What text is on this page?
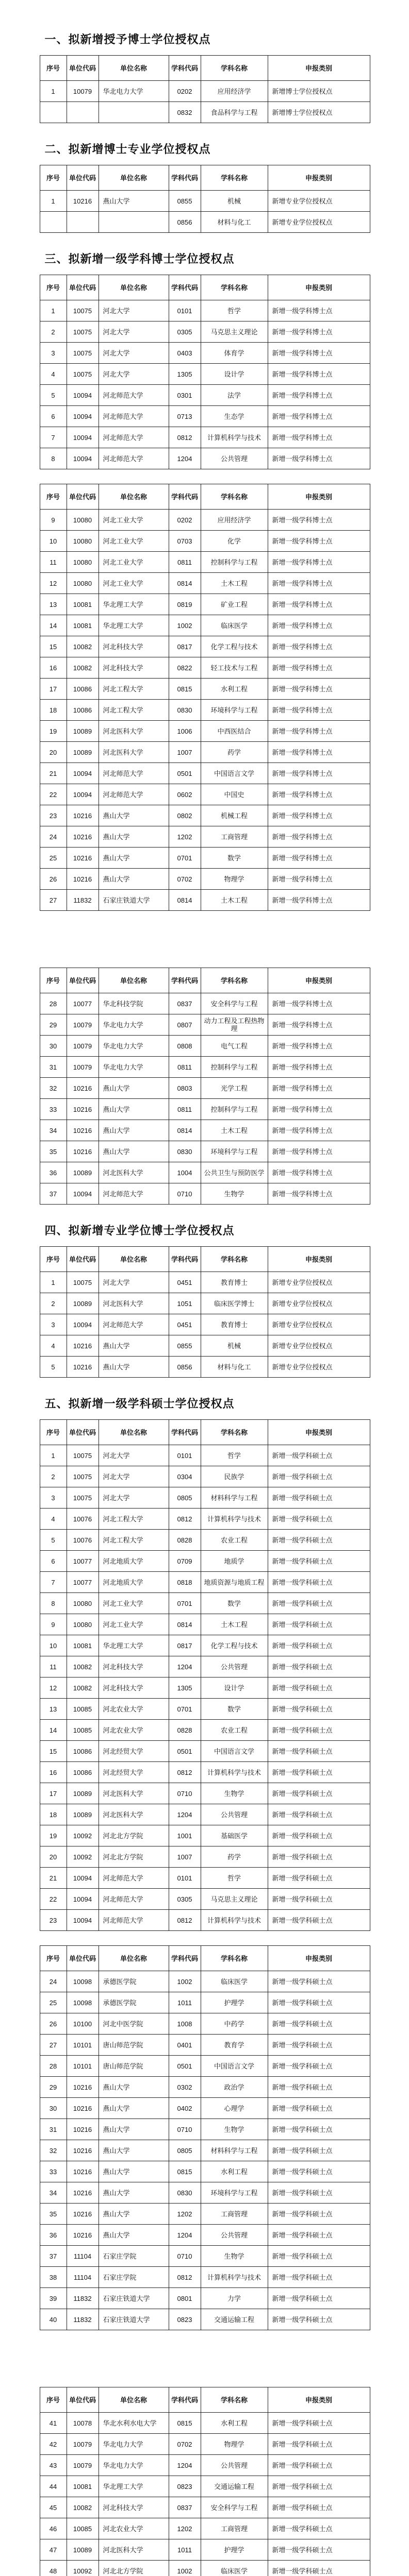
一、拟新增授予博士学位授权点
序号	单位代码	单位名称	学科代码	学科名称	申报类别
1	10079	华北电力大学	0202	应用经济学	新增博士学位授权点
			0832	食品科学与工程	新增博士学位授权点
二、拟新增博士专业学位授权点
序号	单位代码	单位名称	学科代码	学科名称	申报类别
1	10216	燕山大学	0855	机械	新增专业学位授权点
			0856	材料与化工	新增专业学位授权点
三、拟新增一级学科博士学位授权点
序号	单位代码	单位名称	学科代码	学科名称	申报类别
1	10075	河北大学	0101	哲学	新增一级学科博士点
2	10075	河北大学	0305	马克思主义理论	新增一级学科博士点
3	10075	河北大学	0403	体育学	新增一级学科博士点
4	10075	河北大学	1305	设计学	新增一级学科博士点
5	10094	河北师范大学	0301	法学	新增一级学科博士点
6	10094	河北师范大学	0713	生态学	新增一级学科博士点
7	10094	河北师范大学	0812	计算机科学与技术	新增一级学科博士点
8	10094	河北师范大学	1204	公共管理	新增一级学科博士点
序号	单位代码	单位名称	学科代码	学科名称	申报类别
9	10080	河北工业大学	0202	应用经济学	新增一级学科博士点
10	10080	河北工业大学	0703	化学	新增一级学科博士点
11	10080	河北工业大学	0811	控制科学与工程	新增一级学科博士点
12	10080	河北工业大学	0814	土木工程	新增一级学科博士点
13	10081	华北理工大学	0819	矿业工程	新增一级学科博士点
14	10081	华北理工大学	1002	临床医学	新增一级学科博士点
15	10082	河北科技大学	0817	化学工程与技术	新增一级学科博士点
16	10082	河北科技大学	0822	轻工技术与工程	新增一级学科博士点
17	10086	河北工程大学	0815	水利工程	新增一级学科博士点
18	10086	河北工程大学	0830	环境科学与工程	新增一级学科博士点
19	10089	河北医科大学	1006	中西医结合	新增一级学科博士点
20	10089	河北医科大学	1007	药学	新增一级学科博士点
21	10094	河北师范大学	0501	中国语言文学	新增一级学科博士点
22	10094	河北师范大学	0602	中国史	新增一级学科博士点
23	10216	燕山大学	0802	机械工程	新增一级学科博士点
24	10216	燕山大学	1202	工商管理	新增一级学科博士点
25	10216	燕山大学	0701	数学	新增一级学科博士点
26	10216	燕山大学	0702	物理学	新增一级学科博士点
27	11832	石家庄铁道大学	0814	土木工程	新增一级学科博士点
序号	单位代码	单位名称	学科代码	学科名称	申报类别
28	10077	华北科技学院	0837	安全科学与工程	新增一级学科博士点
29	10079	华北电力大学	0807	动力工程及工程热物理	新增一级学科博士点
30	10079	华北电力大学	0808	电气工程	新增一级学科博士点
31	10079	华北电力大学	0811	控制科学与工程	新增一级学科博士点
32	10216	燕山大学	0803	光学工程	新增一级学科博士点
33	10216	燕山大学	0811	控制科学与工程	新增一级学科博士点
34	10216	燕山大学	0814	土木工程	新增一级学科博士点
35	10216	燕山大学	0830	环境科学与工程	新增一级学科博士点
36	10089	河北医科大学	1004	公共卫生与预防医学	新增一级学科博士点
37	10094	河北师范大学	0710	生物学	新增一级学科博士点
四、拟新增专业学位博士学位授权点
序号	单位代码	单位名称	学科代码	学科名称	申报类别
1	10075	河北大学	0451	教育博士	新增专业学位授权点
2	10089	河北医科大学	1051	临床医学博士	新增专业学位授权点
3	10094	河北师范大学	0451	教育博士	新增专业学位授权点
4	10216	燕山大学	0855	机械	新增专业学位授权点
5	10216	燕山大学	0856	材料与化工	新增专业学位授权点
五、拟新增一级学科硕士学位授权点
序号	单位代码	单位名称	学科代码	学科名称	申报类别
1	10075	河北大学	0101	哲学	新增一级学科硕士点
2	10075	河北大学	0304	民族学	新增一级学科硕士点
3	10075	河北大学	0805	材料科学与工程	新增一级学科硕士点
4	10076	河北工程大学	0812	计算机科学与技术	新增一级学科硕士点
5	10076	河北工程大学	0828	农业工程	新增一级学科硕士点
6	10077	河北地质大学	0709	地质学	新增一级学科硕士点
7	10077	河北地质大学	0818	地质资源与地质工程	新增一级学科硕士点
8	10080	河北工业大学	0701	数学	新增一级学科硕士点
9	10080	河北工业大学	0814	土木工程	新增一级学科硕士点
10	10081	华北理工大学	0817	化学工程与技术	新增一级学科硕士点
11	10082	河北科技大学	1204	公共管理	新增一级学科硕士点
12	10082	河北科技大学	1305	设计学	新增一级学科硕士点
13	10085	河北农业大学	0701	数学	新增一级学科硕士点
14	10085	河北农业大学	0828	农业工程	新增一级学科硕士点
15	10086	河北经贸大学	0501	中国语言文学	新增一级学科硕士点
16	10086	河北经贸大学	0812	计算机科学与技术	新增一级学科硕士点
17	10089	河北医科大学	0710	生物学	新增一级学科硕士点
18	10089	河北医科大学	1204	公共管理	新增一级学科硕士点
19	10092	河北北方学院	1001	基础医学	新增一级学科硕士点
20	10092	河北北方学院	1007	药学	新增一级学科硕士点
21	10094	河北师范大学	0101	哲学	新增一级学科硕士点
22	10094	河北师范大学	0305	马克思主义理论	新增一级学科硕士点
23	10094	河北师范大学	0812	计算机科学与技术	新增一级学科硕士点
序号	单位代码	单位名称	学科代码	学科名称	申报类别
24	10098	承德医学院	1002	临床医学	新增一级学科硕士点
25	10098	承德医学院	1011	护理学	新增一级学科硕士点
26	10100	河北中医学院	1008	中药学	新增一级学科硕士点
27	10101	唐山师范学院	0401	教育学	新增一级学科硕士点
28	10101	唐山师范学院	0501	中国语言文学	新增一级学科硕士点
29	10216	燕山大学	0302	政治学	新增一级学科硕士点
30	10216	燕山大学	0402	心理学	新增一级学科硕士点
31	10216	燕山大学	0710	生物学	新增一级学科硕士点
32	10216	燕山大学	0805	材料科学与工程	新增一级学科硕士点
33	10216	燕山大学	0815	水利工程	新增一级学科硕士点
34	10216	燕山大学	0830	环境科学与工程	新增一级学科硕士点
35	10216	燕山大学	1202	工商管理	新增一级学科硕士点
36	10216	燕山大学	1204	公共管理	新增一级学科硕士点
37	11104	石家庄学院	0710	生物学	新增一级学科硕士点
38	11104	石家庄学院	0812	计算机科学与技术	新增一级学科硕士点
39	11832	石家庄铁道大学	0801	力学	新增一级学科硕士点
40	11832	石家庄铁道大学	0823	交通运输工程	新增一级学科硕士点
序号	单位代码	单位名称	学科代码	学科名称	申报类别
41	10078	华北水利水电大学	0815	水利工程	新增一级学科硕士点
42	10079	华北电力大学	0702	物理学	新增一级学科硕士点
43	10079	华北电力大学	1204	公共管理	新增一级学科硕士点
44	10081	华北理工大学	0823	交通运输工程	新增一级学科硕士点
45	10082	河北科技大学	0837	安全科学与工程	新增一级学科硕士点
46	10085	河北农业大学	1202	工商管理	新增一级学科硕士点
47	10089	河北医科大学	1011	护理学	新增一级学科硕士点
48	10092	河北北方学院	1002	临床医学	新增一级学科硕士点
